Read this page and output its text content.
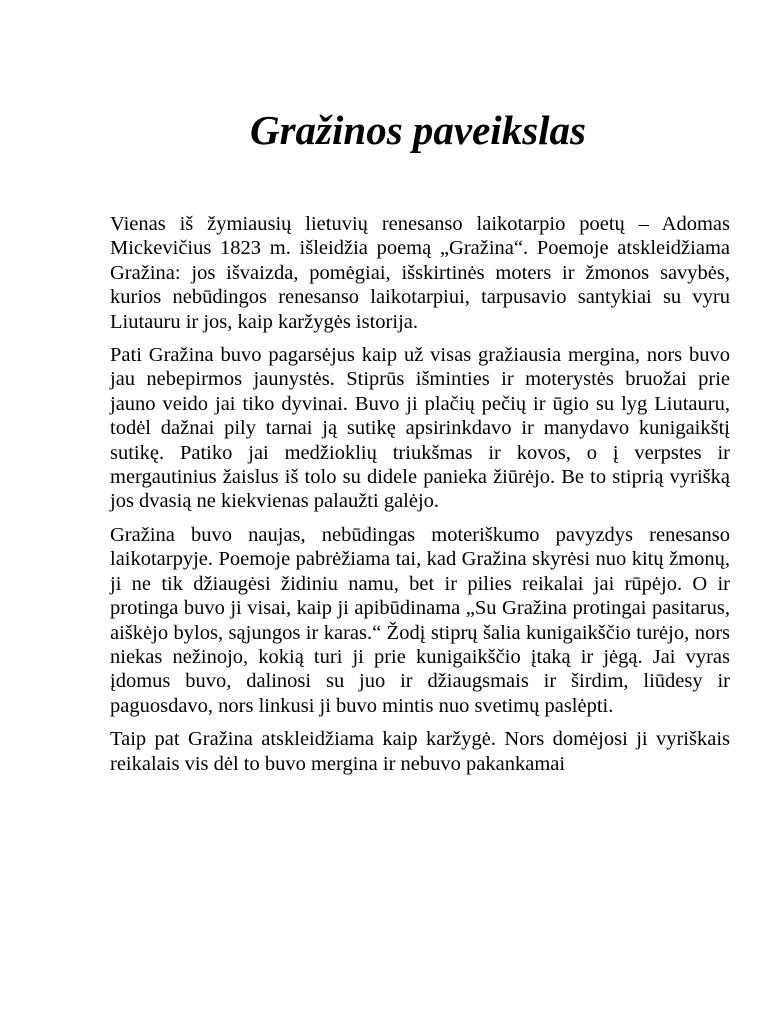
Gražinos paveikslas

Vienas iš žymiausių lietuvių renesanso laikotarpio poetų – Adomas Mickevičius 1823 m. išleidžia poemą „Gražina“. Poemoje atskleidžiama Gražina: jos išvaizda, pomėgiai, išskirtinės moters ir žmonos savybės, kurios nebūdingos renesanso laikotarpiui, tarpusavio santykiai su vyru Liutauru ir jos, kaip karžygės istorija.

Pati Gražina buvo pagarsėjus kaip už visas gražiausia mergina, nors buvo jau nebepirmos jaunystės. Stiprūs išminties ir moterystės bruožai prie jauno veido jai tiko dyvinai. Buvo ji plačių pečių ir ūgio su lyg Liutauru, todėl dažnai pily tarnai ją sutikę apsirinkdavo ir manydavo kunigaikštį sutikę. Patiko jai medžioklių triukšmas ir kovos, o į verpstes ir mergautinius žaislus iš tolo su didele panieka žiūrėjo. Be to stiprią vyrišką jos dvasią ne kiekvienas palaužti galėjo.

Gražina buvo naujas, nebūdingas moteriškumo pavyzdys renesanso laikotarpyje. Poemoje pabrėžiama tai, kad Gražina skyrėsi nuo kitų žmonų, ji ne tik džiaugėsi židiniu namu, bet ir pilies reikalai jai rūpėjo. O ir protinga buvo ji visai, kaip ji apibūdinama „Su Gražina protingai pasitarus, aiškėjo bylos, sąjungos ir karas.“ Žodį stiprų šalia kunigaikščio turėjo, nors niekas nežinojo, kokią turi ji prie kunigaikščio įtaką ir jėgą. Jai vyras įdomus buvo, dalinosi su juo ir džiaugsmais ir širdim, liūdesy ir paguosdavo, nors linkusi ji buvo mintis nuo svetimų paslėpti.

Taip pat Gražina atskleidžiama kaip karžygė. Nors domėjosi ji vyriškais reikalais vis dėl to buvo mergina ir nebuvo pakankamai
